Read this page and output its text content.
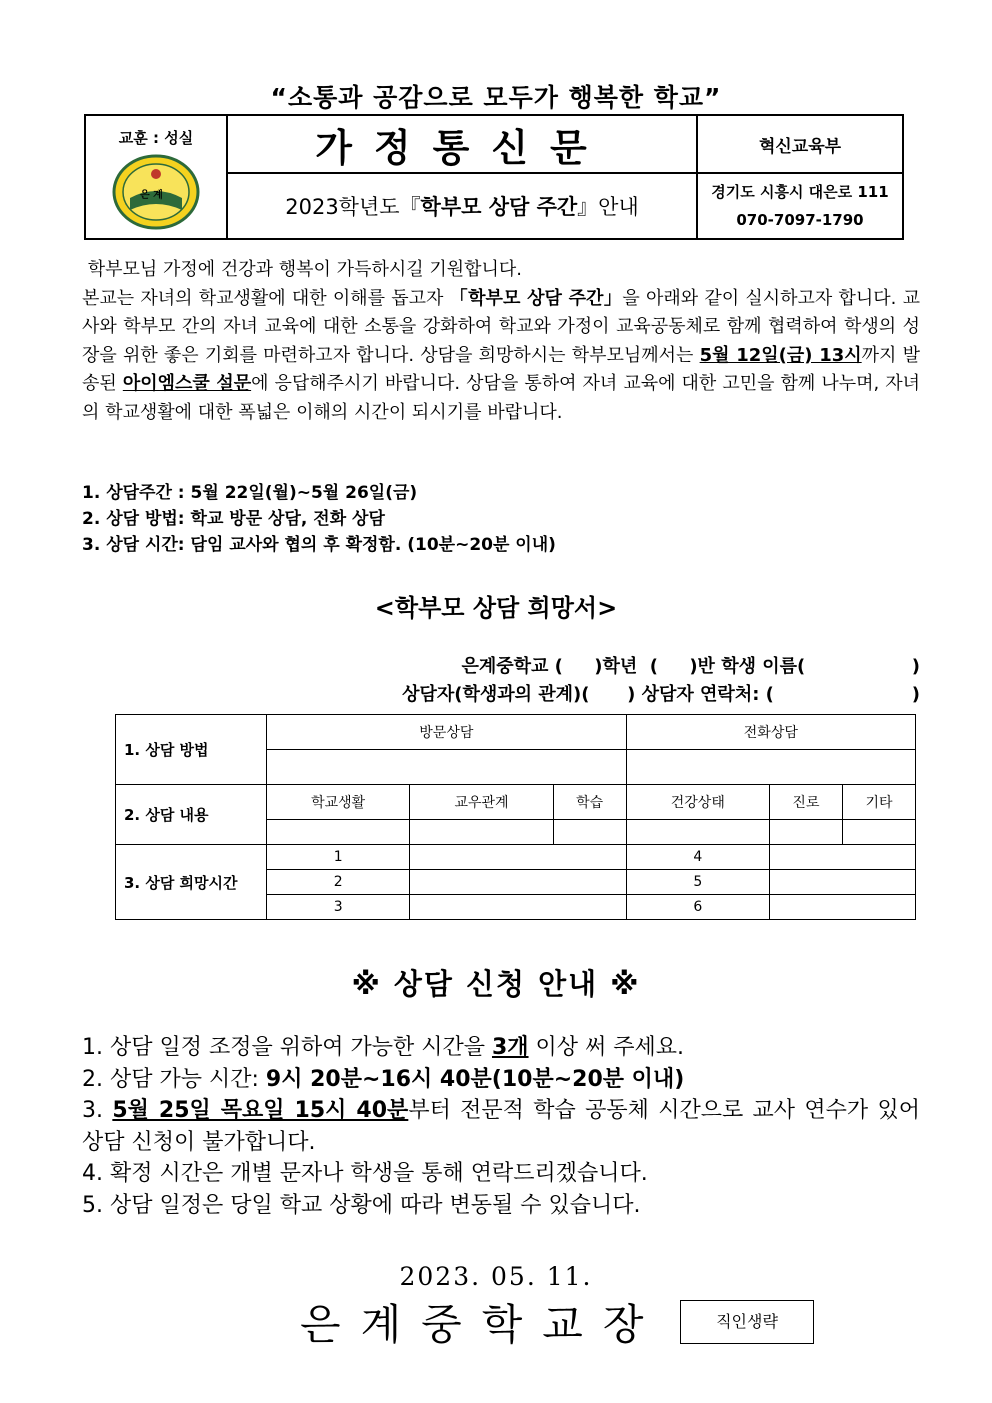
“소통과 공감으로 모두가 행복한 학교”
교훈 : 성실
은 계	가정통신문	혁신교육부
	2023학년도『학부모 상담 주간』안내	경기도 시흥시 대은로 111
070-7097-1790

학부모님 가정에 건강과 행복이 가득하시길 기원합니다.

본교는 자녀의 학교생활에 대한 이해를 돕고자 「학부모 상담 주간」을 아래와 같이 실시하고자 합니다. 교사와 학부모 간의 자녀 교육에 대한 소통을 강화하여 학교와 가정이 교육공동체로 함께 협력하여 학생의 성장을 위한 좋은 기회를 마련하고자 합니다. 상담을 희망하시는 학부모님께서는 5월 12일(금) 13시까지 발송된 아이엠스쿨 설문에 응답해주시기 바랍니다. 상담을 통하여 자녀 교육에 대한 고민을 함께 나누며, 자녀의 학교생활에 대한 폭넓은 이해의 시간이 되시기를 바랍니다.

1. 상담주간 : 5월 22일(월)~5월 26일(금)
2. 상담 방법: 학교 방문 상담, 전화 상담
3. 상담 시간: 담임 교사와 협의 후 확정함. (10분~20분 이내)
<학부모 상담 희망서>
은계중학교 (     )학년  (     )반 학생 이름(                 )
상담자(학생과의 관계)(      ) 상담자 연락처: (                      )
1. 상담 방법	방문상담			전화상담		

2. 상담 내용	학교생활	교우관계	학습	건강상태	진로	기타

3. 상담 희망시간	1			4		
	2			5		
	3			6		
※ 상담 신청 안내 ※

1. 상담 일정 조정을 위하여 가능한 시간을 3개 이상 써 주세요.

2. 상담 가능 시간: 9시 20분~16시 40분(10분~20분 이내)

3. 5월 25일 목요일 15시 40분부터 전문적 학습 공동체 시간으로 교사 연수가 있어 상담 신청이 불가합니다.

4. 확정 시간은 개별 문자나 학생을 통해 연락드리겠습니다.

5. 상담 일정은 당일 학교 상황에 따라 변동될 수 있습니다.

2023. 05. 11.
은계중학교장	직인생략
